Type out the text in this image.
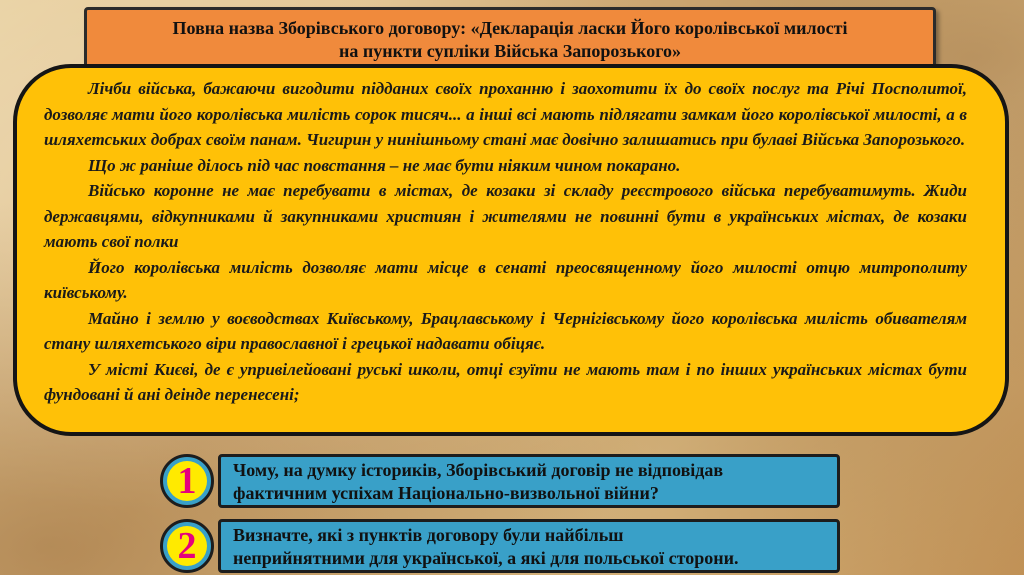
Повна назва Зборівського договору: «Декларація ласки Його королівської милості
на пункти супліки Війська Запорозького»

Лічби війська, бажаючи вигодити підданих своїх проханню і заохотити їх до своїх послуг та Річі Посполитої, дозволяє мати його королівська милість сорок тисяч... а інші всі мають підлягати замкам його королівської милості, а в шляхетських добрах своїм панам. Чигирин у нинішньому стані має довічно залишатись при булаві Війська Запорозького.

Що ж раніше ділось під час повстання – не має бути ніяким чином покарано.

Військо коронне не має перебувати в містах, де козаки зі складу реєстрового війська перебуватимуть. Жиди державцями, відкупниками й закупниками християн і жителями не повинні бути в українських містах, де козаки мають свої полки

Його королівська милість дозволяє мати місце в сенаті преосвященному його милості отцю митрополиту київському.

Майно і землю у воєводствах Київському, Брацлавському і Чернігівському його королівська милість обивателям стану шляхетського віри православної і грецької надавати обіцяє.

У місті Києві, де є упривілейовані руські школи, отці єзуїти не мають там і по інших українських містах бути фундовані й ані деінде перенесені;

1	Чому, на думку істориків, Зборівський договір не відповідав
фактичним успіхам Національно-визвольної війни?
2	Визначте, які з пунктів договору були найбільш
неприйнятними для української, а які для польської сторони.
